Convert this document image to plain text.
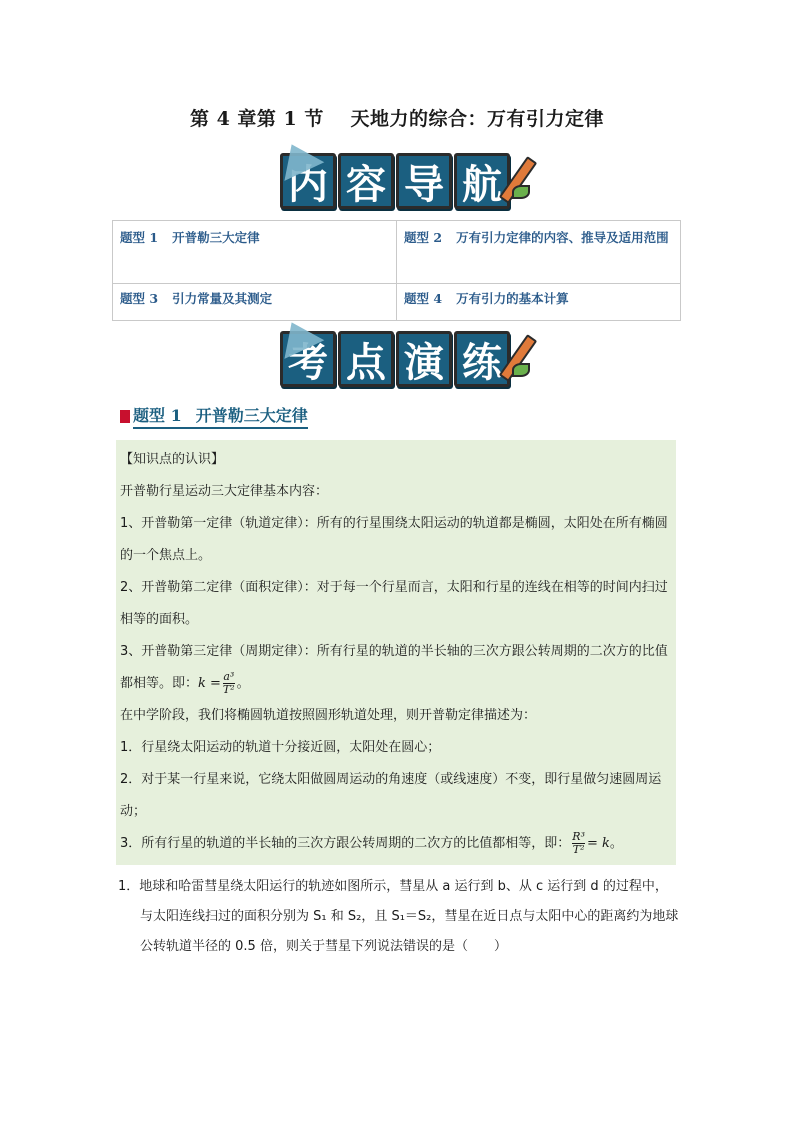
第 4 章第 1 节　 天地力的综合：万有引力定律
内 容 导 航
题型 1 开普勒三大定律	题型 2 万有引力定律的内容、推导及适用范围
题型 3 引力常量及其测定	题型 4 万有引力的基本计算
考 点 演 练
题型 1 开普勒三大定律

【知识点的认识】

开普勒行星运动三大定律基本内容：

1、开普勒第一定律（轨道定律）：所有的行星围绕太阳运动的轨道都是椭圆，太阳处在所有椭圆的一个焦点上。

2、开普勒第二定律（面积定律）：对于每一个行星而言，太阳和行星的连线在相等的时间内扫过相等的面积。

3、开普勒第三定律（周期定律）：所有行星的轨道的半长轴的三次方跟公转周期的二次方的比值都相等。即：$k = \frac{\text{a³}}{\text{T²}}$ 。

在中学阶段，我们将椭圆轨道按照圆形轨道处理，则开普勒定律描述为：

1．行星绕太阳运动的轨道十分接近圆，太阳处在圆心；

2．对于某一行星来说，它绕太阳做圆周运动的角速度（或线速度）不变，即行星做匀速圆周运动；

3．所有行星的轨道的半长轴的三次方跟公转周期的二次方的比值都相等，即： $\frac{\text{R³}}{\text{T²}} = k$。

1．地球和哈雷彗星绕太阳运行的轨迹如图所示，彗星从 a 运行到 b、从 c 运行到 d 的过程中，与太阳连线扫过的面积分别为 S₁ 和 S₂，且 S₁＝S₂，彗星在近日点与太阳中心的距离约为地球公转轨道半径的 0.5 倍，则关于彗星下列说法错误的是（　　）
